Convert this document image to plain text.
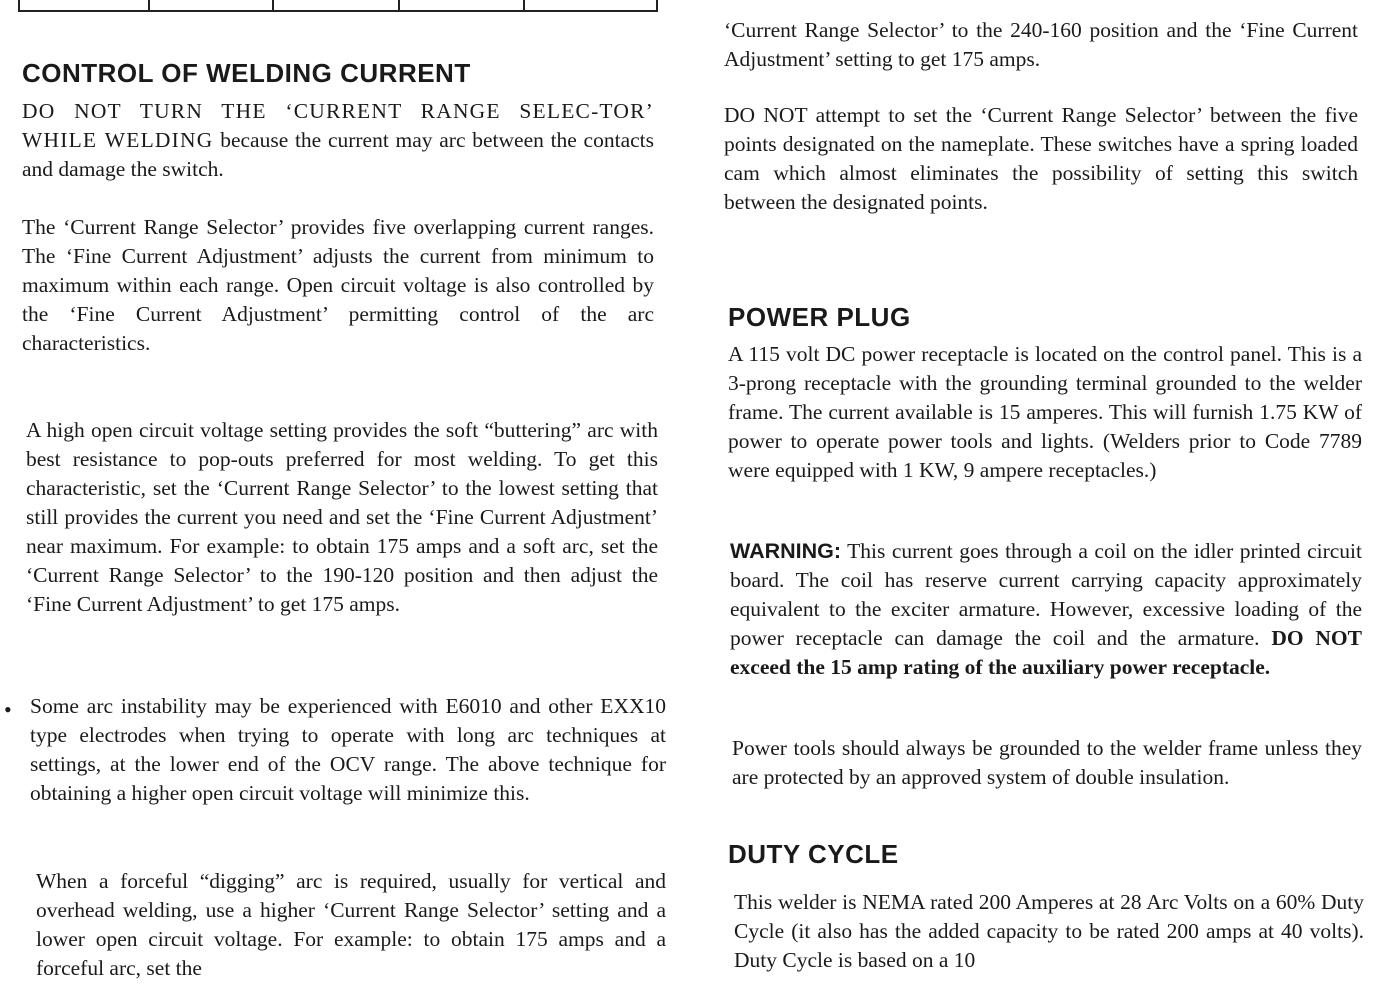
•
CONTROL OF WELDING CURRENT

DO NOT TURN THE ‘CURRENT RANGE SELEC-TOR’ WHILE WELDING because the current may arc between the contacts and damage the switch.

The ‘Current Range Selector’ provides five overlapping current ranges. The ‘Fine Current Adjustment’ adjusts the current from minimum to maximum within each range. Open circuit voltage is also controlled by the ‘Fine Current Adjustment’ permitting control of the arc characteristics.

A high open circuit voltage setting provides the soft “buttering” arc with best resistance to pop-outs preferred for most welding. To get this characteristic, set the ‘Current Range Selector’ to the lowest setting that still provides the current you need and set the ‘Fine Current Adjustment’ near maximum. For example: to obtain 175 amps and a soft arc, set the ‘Current Range Selector’ to the 190-120 position and then adjust the ‘Fine Current Adjustment’ to get 175 amps.

Some arc instability may be experienced with E6010 and other EXX10 type electrodes when trying to operate with long arc techniques at settings, at the lower end of the OCV range. The above technique for obtaining a higher open circuit voltage will minimize this.

When a forceful “digging” arc is required, usually for vertical and overhead welding, use a higher ‘Current Range Selector’ setting and a lower open circuit voltage. For example: to obtain 175 amps and a forceful arc, set the

‘Current Range Selector’ to the 240-160 position and the ‘Fine Current Adjustment’ setting to get 175 amps.

DO NOT attempt to set the ‘Current Range Selector’ between the five points designated on the nameplate. These switches have a spring loaded cam which almost eliminates the possibility of setting this switch between the designated points.

POWER PLUG

A 115 volt DC power receptacle is located on the control panel. This is a 3-prong receptacle with the grounding terminal grounded to the welder frame. The current available is 15 amperes. This will furnish 1.75 KW of power to operate power tools and lights. (Welders prior to Code 7789 were equipped with 1 KW, 9 ampere receptacles.)

WARNING: This current goes through a coil on the idler printed circuit board. The coil has reserve current carrying capacity approximately equivalent to the exciter armature. However, excessive loading of the power receptacle can damage the coil and the armature. DO NOT exceed the 15 amp rating of the auxiliary power receptacle.

Power tools should always be grounded to the welder frame unless they are protected by an approved system of double insulation.

DUTY CYCLE

This welder is NEMA rated 200 Amperes at 28 Arc Volts on a 60% Duty Cycle (it also has the added capacity to be rated 200 amps at 40 volts). Duty Cycle is based on a 10
